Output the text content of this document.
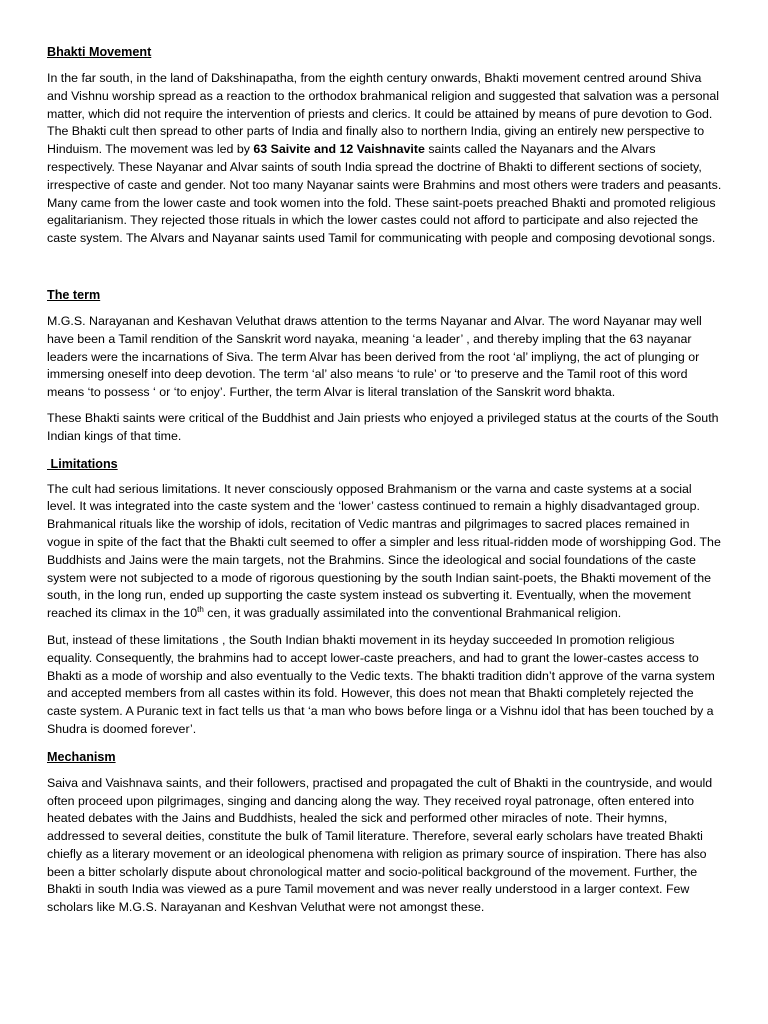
Bhakti Movement

In the far south, in the land of Dakshinapatha, from the eighth century onwards, Bhakti movement centred around Shiva and Vishnu worship spread as a reaction to the orthodox brahmanical religion and suggested that salvation was a personal matter, which did not require the intervention of priests and clerics. It could be attained by means of pure devotion to God. The Bhakti cult then spread to other parts of India and finally also to northern India, giving an entirely new perspective to Hinduism. The movement was led by 63 Saivite and 12 Vaishnavite saints called the Nayanars and the Alvars respectively. These Nayanar and Alvar saints of south India spread the doctrine of Bhakti to different sections of society, irrespective of caste and gender. Not too many Nayanar saints were Brahmins and most others were traders and peasants. Many came from the lower caste and took women into the fold. These saint-poets preached Bhakti and promoted religious egalitarianism. They rejected those rituals in which the lower castes could not afford to participate and also rejected the caste system. The Alvars and Nayanar saints used Tamil for communicating with people and composing devotional songs.

The term

M.G.S. Narayanan and Keshavan Veluthat draws attention to the terms Nayanar and Alvar. The word Nayanar may well have been a Tamil rendition of the Sanskrit word nayaka, meaning ‘a leader’ , and thereby impling that the 63 nayanar leaders were the incarnations of Siva. The term Alvar has been derived from the root ‘al’ impliyng, the act of plunging or immersing oneself into deep devotion. The term ‘al’ also means ‘to rule’ or ‘to preserve and the Tamil root of this word means ‘to possess ‘ or ‘to enjoy’. Further, the term Alvar is literal translation of the Sanskrit word bhakta.

These Bhakti saints were critical of the Buddhist and Jain priests who enjoyed a privileged status at the courts of the South Indian kings of that time.

Limitations

The cult had serious limitations. It never consciously opposed Brahmanism or the varna and caste systems at a social level. It was integrated into the caste system and the ‘lower’ castess continued to remain a highly disadvantaged group. Brahmanical rituals like the worship of idols, recitation of Vedic mantras and pilgrimages to sacred places remained in vogue in spite of the fact that the Bhakti cult seemed to offer a simpler and less ritual-ridden mode of worshipping God. The Buddhists and Jains were the main targets, not the Brahmins. Since the ideological and social foundations of the caste system were not subjected to a mode of rigorous questioning by the south Indian saint-poets, the Bhakti movement of the south, in the long run, ended up supporting the caste system instead os subverting it. Eventually, when the movement reached its climax in the 10th cen, it was gradually assimilated into the conventional Brahmanical religion.

But, instead of these limitations , the South Indian bhakti movement in its heyday succeeded In promotion religious equality. Consequently, the brahmins had to accept lower-caste preachers, and had to grant the lower-castes access to Bhakti as a mode of worship and also eventually to the Vedic texts. The bhakti tradition didn’t approve of the varna system and accepted members from all castes within its fold. However, this does not mean that Bhakti completely rejected the caste system. A Puranic text in fact tells us that ‘a man who bows before linga or a Vishnu idol that has been touched by a Shudra is doomed forever’.

Mechanism

Saiva and Vaishnava saints, and their followers, practised and propagated the cult of Bhakti in the countryside, and would often proceed upon pilgrimages, singing and dancing along the way. They received royal patronage, often entered into heated debates with the Jains and Buddhists, healed the sick and performed other miracles of note. Their hymns, addressed to several deities, constitute the bulk of Tamil literature. Therefore, several early scholars have treated Bhakti chiefly as a literary movement or an ideological phenomena with religion as primary source of inspiration. There has also been a bitter scholarly dispute about chronological matter and socio-political background of the movement. Further, the Bhakti in south India was viewed as a pure Tamil movement and was never really understood in a larger context. Few scholars like M.G.S. Narayanan and Keshvan Veluthat were not amongst these.
